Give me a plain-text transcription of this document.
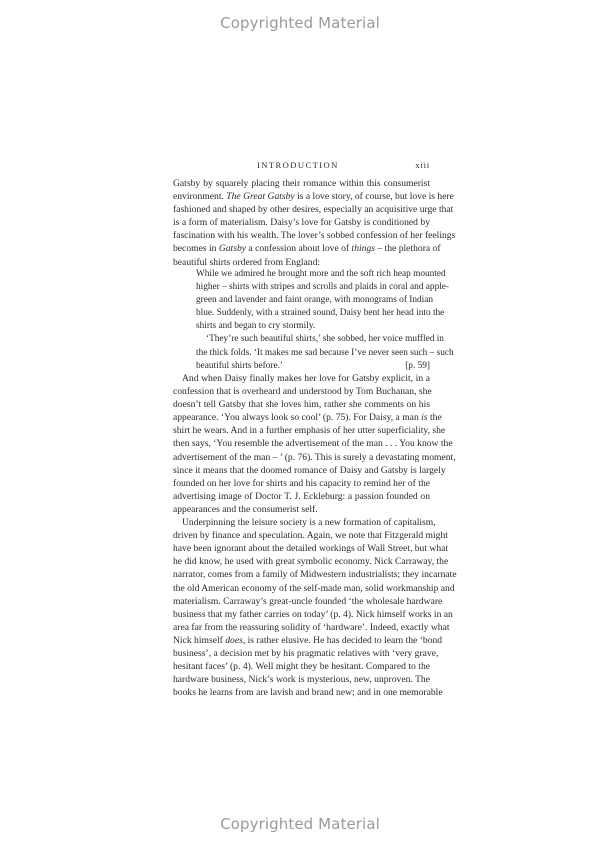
Copyrighted Material
INTRODUCTION	xiii
Gatsby by squarely placing their romance within this consumerist
environment. The Great Gatsby is a love story, of course, but love is here
fashioned and shaped by other desires, especially an acquisitive urge that
is a form of materialism. Daisy’s love for Gatsby is conditioned by
fascination with his wealth. The lover’s sobbed confession of her feelings
becomes in Gatsby a confession about love of things – the plethora of
beautiful shirts ordered from England:
While we admired he brought more and the soft rich heap mounted
higher – shirts with stripes and scrolls and plaids in coral and apple-
green and lavender and faint orange, with monograms of Indian
blue. Suddenly, with a strained sound, Daisy bent her head into the
shirts and began to cry stormily.
‘They’re such beautiful shirts,’ she sobbed, her voice muffled in
the thick folds. ‘It makes me sad because I’ve never seen such – such
beautiful shirts before.’	[p. 59]
And when Daisy finally makes her love for Gatsby explicit, in a
confession that is overheard and understood by Tom Buchanan, she
doesn’t tell Gatsby that she loves him, rather she comments on his
appearance. ‘You always look so cool’ (p. 75). For Daisy, a man is the
shirt he wears. And in a further emphasis of her utter superficiality, she
then says, ‘You resemble the advertisement of the man . . . You know the
advertisement of the man – ’ (p. 76). This is surely a devastating moment,
since it means that the doomed romance of Daisy and Gatsby is largely
founded on her love for shirts and his capacity to remind her of the
advertising image of Doctor T. J. Eckleburg: a passion founded on
appearances and the consumerist self.
Underpinning the leisure society is a new formation of capitalism,
driven by finance and speculation. Again, we note that Fitzgerald might
have been ignorant about the detailed workings of Wall Street, but what
he did know, he used with great symbolic economy. Nick Carraway, the
narrator, comes from a family of Midwestern industrialists; they incarnate
the old American economy of the self-made man, solid workmanship and
materialism. Carraway’s great-uncle founded ‘the wholesale hardware
business that my father carries on today’ (p. 4). Nick himself works in an
area far from the reassuring solidity of ‘hardware’. Indeed, exactly what
Nick himself does, is rather elusive. He has decided to learn the ‘bond
business’, a decision met by his pragmatic relatives with ‘very grave,
hesitant faces’ (p. 4). Well might they be hesitant. Compared to the
hardware business, Nick’s work is mysterious, new, unproven. The
books he learns from are lavish and brand new; and in one memorable
Copyrighted Material
